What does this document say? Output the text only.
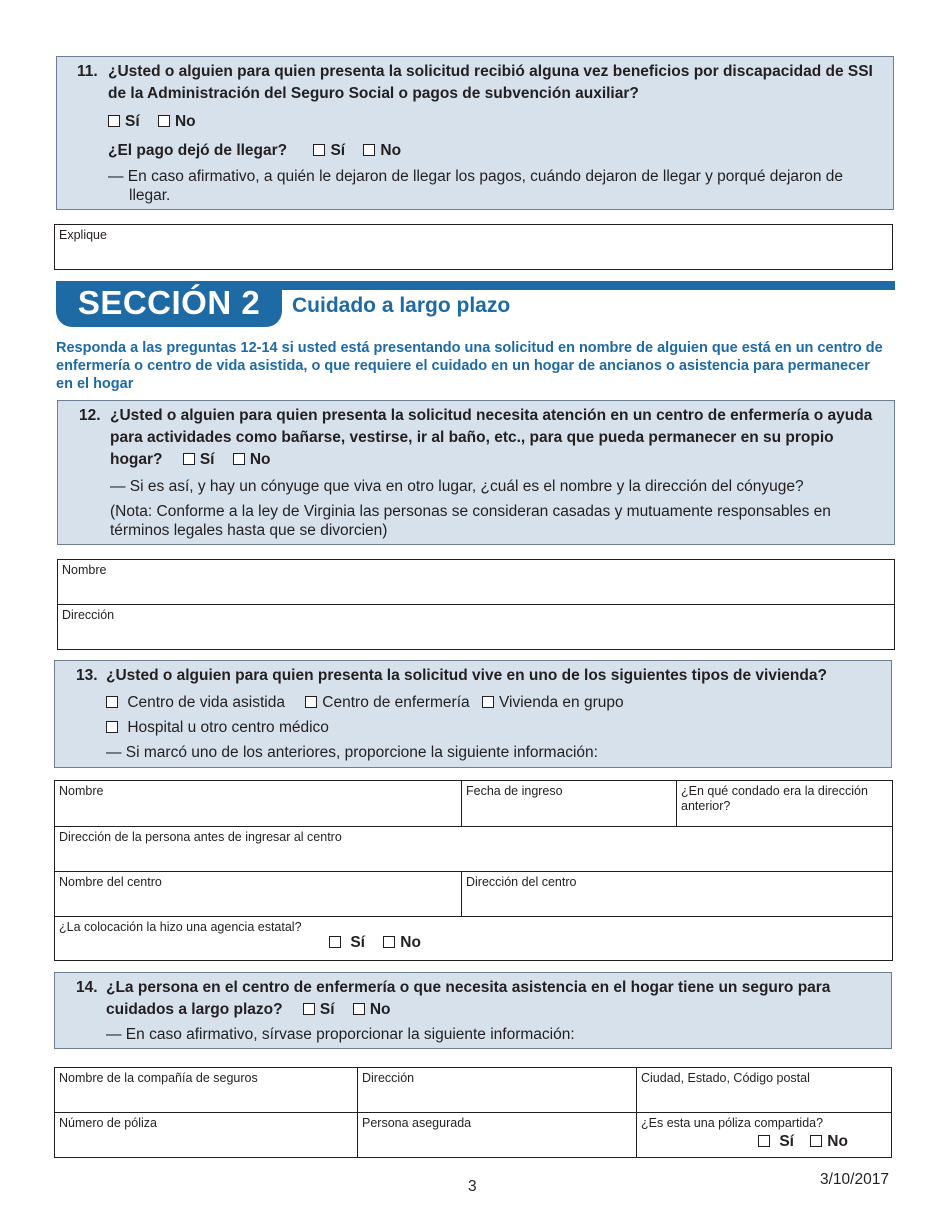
11. ¿Usted o alguien para quien presenta la solicitud recibió alguna vez beneficios por discapacidad de SSI de la Administración del Seguro Social o pagos de subvención auxiliar?
Sí No
¿El pago dejó de llegar?	Sí No
— En caso afirmativo, a quién le dejaron de llegar los pagos, cuándo dejaron de llegar y porqué dejaron de llegar.
Explique
SECCIÓN 2	Cuidado a largo plazo
Responda a las preguntas 12-14 si usted está presentando una solicitud en nombre de alguien que está en un centro de enfermería o centro de vida asistida, o que requiere el cuidado en un hogar de ancianos o asistencia para permanecer en el hogar
12. ¿Usted o alguien para quien presenta la solicitud necesita atención en un centro de enfermería o ayuda para actividades como bañarse, vestirse, ir al baño, etc., para que pueda permanecer en su propio hogar? Sí No
— Si es así, y hay un cónyuge que viva en otro lugar, ¿cuál es el nombre y la dirección del cónyuge?
(Nota: Conforme a la ley de Virginia las personas se consideran casadas y mutuamente responsables en términos legales hasta que se divorcien)
Nombre
Dirección
13. ¿Usted o alguien para quien presenta la solicitud vive en uno de los siguientes tipos de vivienda?
Centro de vida asistida Centro de enfermería Vivienda en grupo
Hospital u otro centro médico
— Si marcó uno de los anteriores, proporcione la siguiente información:
Nombre	Fecha de ingreso	¿En qué condado era la dirección anterior?
Dirección de la persona antes de ingresar al centro
Nombre del centro	Dirección del centro
¿La colocación la hizo una agencia estatal?
Sí No
14. ¿La persona en el centro de enfermería o que necesita asistencia en el hogar tiene un seguro para
cuidados a largo plazo? Sí No
— En caso afirmativo, sírvase proporcionar la siguiente información:
Nombre de la compañía de seguros	Dirección	Ciudad, Estado, Código postal
Número de póliza	Persona asegurada	¿Es esta una póliza compartida?
Sí No
3	3/10/2017
